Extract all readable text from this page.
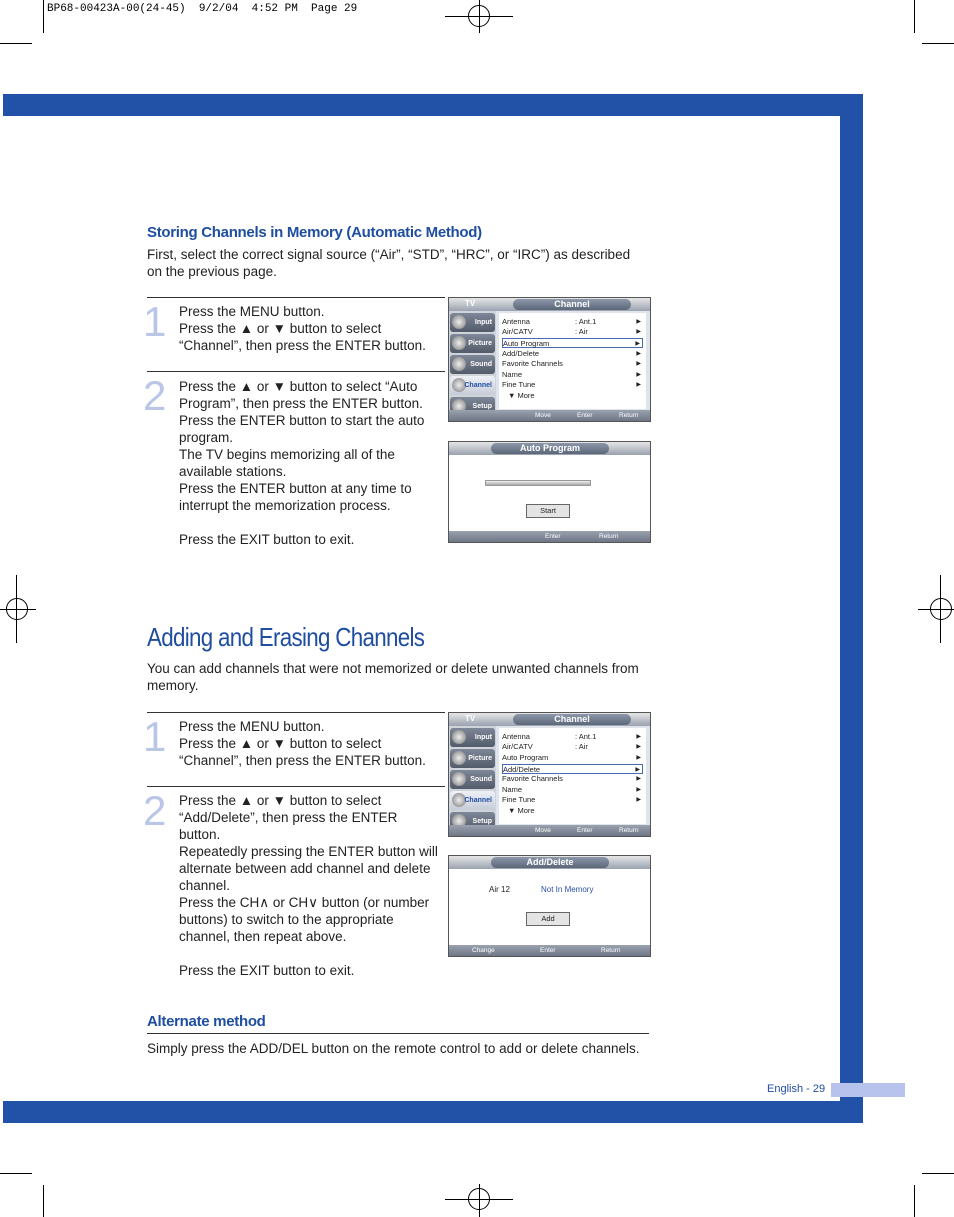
BP68-00423A-00(24-45)  9/2/04  4:52 PM  Page 29
English - 29
Storing Channels in Memory (Automatic Method)
First, select the correct signal source (“Air”, “STD”, “HRC”, or “IRC”) as described on the previous page.
1 Press the MENU button.
Press the ▲ or ▼ button to select “Channel”, then press the ENTER button.
2 Press the ▲ or ▼ button to select “Auto Program”, then press the ENTER button.
Press the ENTER button to start the auto program.
The TV begins memorizing all of the available stations.
Press the ENTER button at any time to interrupt the memorization process.

Press the EXIT button to exit.
TV	Channel
Input
Picture
Sound
Channel
Setup
Antenna	: Ant.1	▶
Air/CATV	: Air	▶
Auto Program	▶
Add/Delete	▶
Favorite Channels	▶
Name	▶
Fine Tune	▶
▼ More
Move	Enter	Return
Auto Program
Start
Enter	Return
Adding and Erasing Channels
You can add channels that were not memorized or delete unwanted channels from memory.
1 Press the MENU button.
Press the ▲ or ▼ button to select “Channel”, then press the ENTER button.
2 Press the ▲ or ▼ button to select “Add/Delete”, then press the ENTER button.
Repeatedly pressing the ENTER button will alternate between add channel and delete channel.
Press the CH∧ or CH∨ button (or number buttons) to switch to the appropriate channel, then repeat above.

Press the EXIT button to exit.
TV	Channel
Input
Picture
Sound
Channel
Setup
Antenna	: Ant.1	▶
Air/CATV	: Air	▶
Auto Program	▶
Add/Delete	▶
Favorite Channels	▶
Name	▶
Fine Tune	▶
▼ More
Move	Enter	Return
Add/Delete
Air 12	Not In Memory
Add
Change	Enter	Return
Alternate method
Simply press the ADD/DEL button on the remote control to add or delete channels.
